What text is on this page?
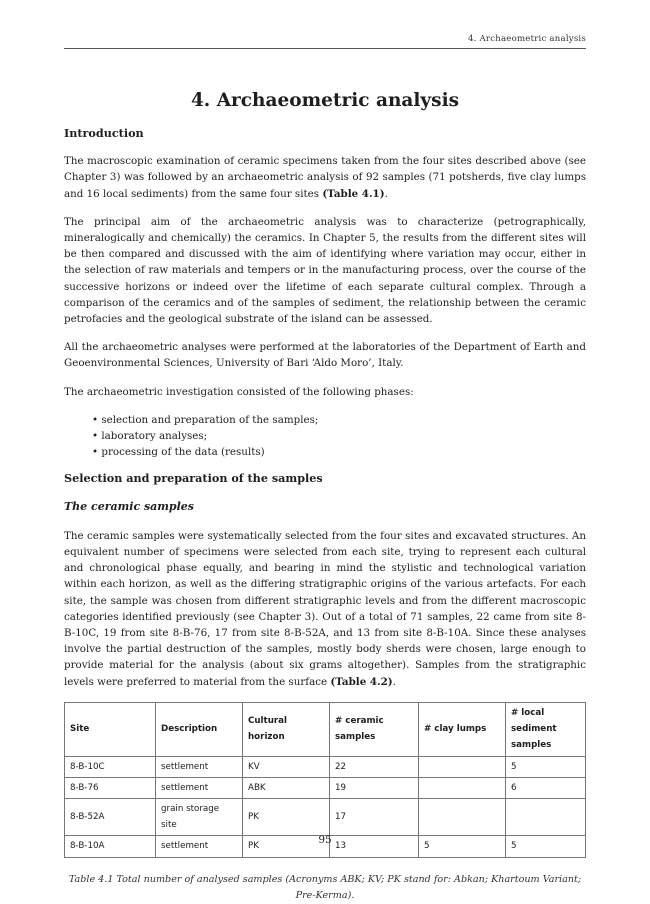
4. Archaeometric analysis
4. Archaeometric analysis
Introduction

The macroscopic examination of ceramic specimens taken from the four sites described above (see Chapter 3) was followed by an archaeometric analysis of 92 samples (71 potsherds, five clay lumps and 16 local sediments) from the same four sites (Table 4.1).

The principal aim of the archaeometric analysis was to characterize (petrographically, mineralogically and chemically) the ceramics. In Chapter 5, the results from the different sites will be then compared and discussed with the aim of identifying where variation may occur, either in the selection of raw materials and tempers or in the manufacturing process, over the course of the successive horizons or indeed over the lifetime of each separate cultural complex. Through a comparison of the ceramics and of the samples of sediment, the relationship between the ceramic petrofacies and the geological substrate of the island can be assessed.

All the archaeometric analyses were performed at the laboratories of the Department of Earth and Geoenvironmental Sciences, University of Bari ‘Aldo Moro’, Italy.

The archaeometric investigation consisted of the following phases:

• selection and preparation of the samples;
• laboratory analyses;
• processing of the data (results)
Selection and preparation of the samples
The ceramic samples

The ceramic samples were systematically selected from the four sites and excavated structures. An equivalent number of specimens were selected from each site, trying to represent each cultural and chronological phase equally, and bearing in mind the stylistic and technological variation within each horizon, as well as the differing stratigraphic origins of the various artefacts. For each site, the sample was chosen from different stratigraphic levels and from the different macroscopic categories identified previously (see Chapter 3). Out of a total of 71 samples, 22 came from site 8-B-10C, 19 from site 8-B-76, 17 from site 8-B-52A, and 13 from site 8-B-10A. Since these analyses involve the partial destruction of the samples, mostly body sherds were chosen, large enough to provide material for the analysis (about six grams altogether). Samples from the stratigraphic levels were preferred to material from the surface (Table 4.2).

Site	Description	Cultural horizon	# ceramic samples	# clay lumps	# local sediment samples
8-B-10C	settlement	KV	22		5
8-B-76	settlement	ABK	19		6
8-B-52A	grain storage site	PK	17		
8-B-10A	settlement	PK	13	5	5
Table 4.1 Total number of analysed samples (Acronyms ABK; KV; PK stand for: Abkan; Khartoum Variant; Pre-Kerma).
95
